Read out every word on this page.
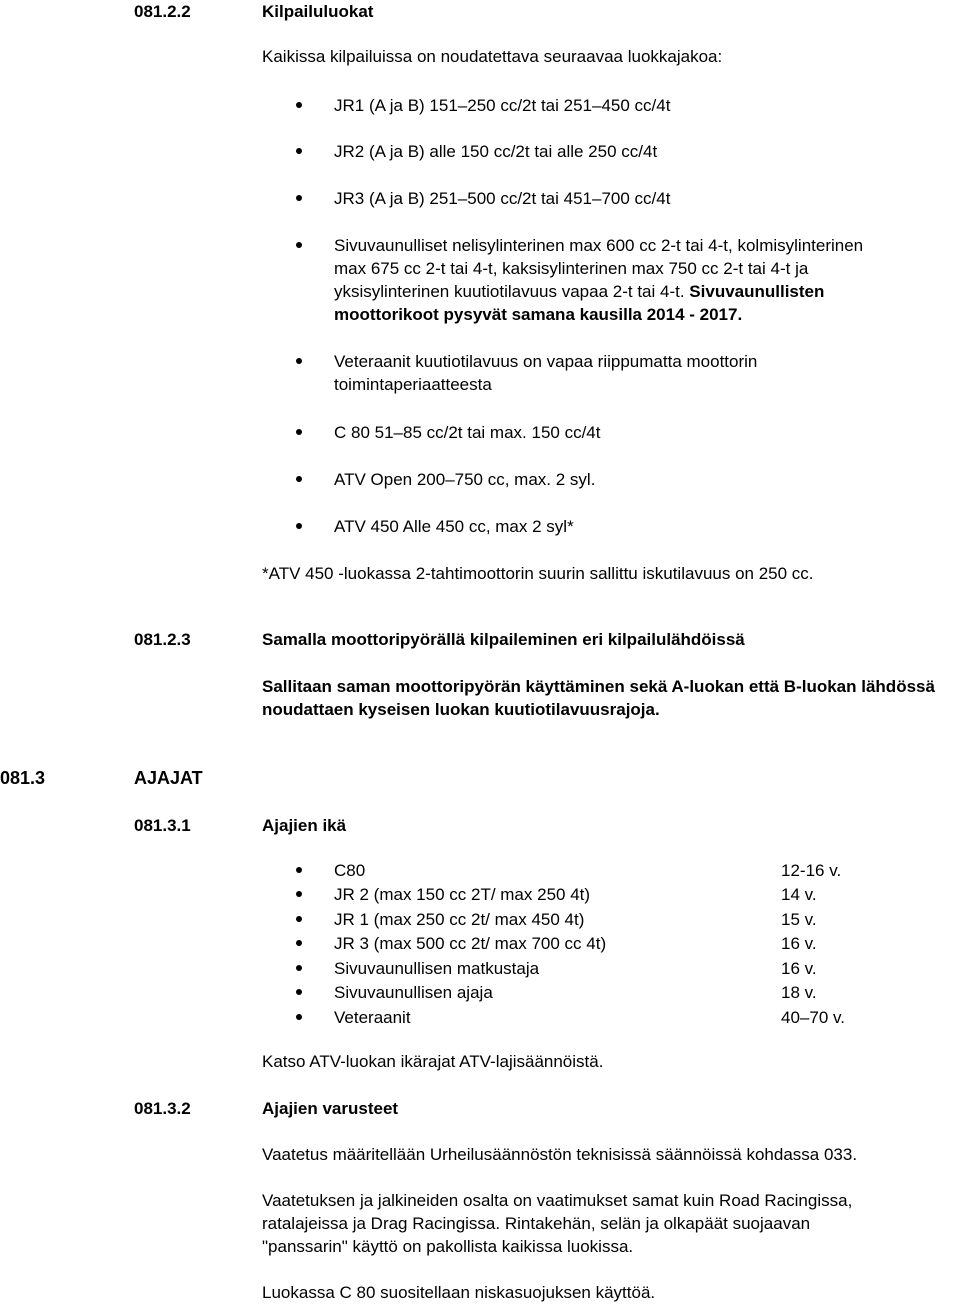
081.2.2	Kilpailuluokat
Kaikissa kilpailuissa on noudatettava seuraavaa luokkajakoa:
JR1 (A ja B) 151–250 cc/2t tai 251–450 cc/4t
JR2 (A ja B) alle 150 cc/2t tai alle 250 cc/4t
JR3 (A ja B) 251–500 cc/2t tai 451–700 cc/4t
Sivuvaunulliset nelisylinterinen max 600 cc 2-t tai 4-t, kolmisylinterinen
max 675 cc 2-t tai 4-t, kaksisylinterinen max 750 cc 2-t tai 4-t ja
yksisylinterinen kuutiotilavuus vapaa 2-t tai 4-t. Sivuvaunullisten
moottorikoot pysyvät samana kausilla 2014 - 2017.
Veteraanit kuutiotilavuus on vapaa riippumatta moottorin
toimintaperiaatteesta
C 80 51–85 cc/2t tai max. 150 cc/4t
ATV Open 200–750 cc, max. 2 syl.
ATV 450 Alle 450 cc, max 2 syl*
*ATV 450 -luokassa 2-tahtimoottorin suurin sallittu iskutilavuus on 250 cc.
081.2.3	Samalla moottoripyörällä kilpaileminen eri kilpailulähdöissä
Sallitaan saman moottoripyörän käyttäminen sekä A-luokan että B-luokan lähdössä noudattaen kyseisen luokan kuutiotilavuusrajoja.
081.3	AJAJAT
081.3.1	Ajajien ikä
C80	12-16 v.
JR 2 (max 150 cc 2T/ max 250 4t)	14 v.
JR 1 (max 250 cc 2t/ max 450 4t)	15 v.
JR 3 (max 500 cc 2t/ max 700 cc 4t)	16 v.
Sivuvaunullisen matkustaja	16 v.
Sivuvaunullisen ajaja	18 v.
Veteraanit	40–70 v.
Katso ATV-luokan ikärajat ATV-lajisäännöistä.
081.3.2	Ajajien varusteet
Vaatetus määritellään Urheilusäännöstön teknisissä säännöissä kohdassa 033.
Vaatetuksen ja jalkineiden osalta on vaatimukset samat kuin Road Racingissa,
ratalajeissa ja Drag Racingissa. Rintakehän, selän ja olkapäät suojaavan
"panssarin" käyttö on pakollista kaikissa luokissa.
Luokassa C 80 suositellaan niskasuojuksen käyttöä.
